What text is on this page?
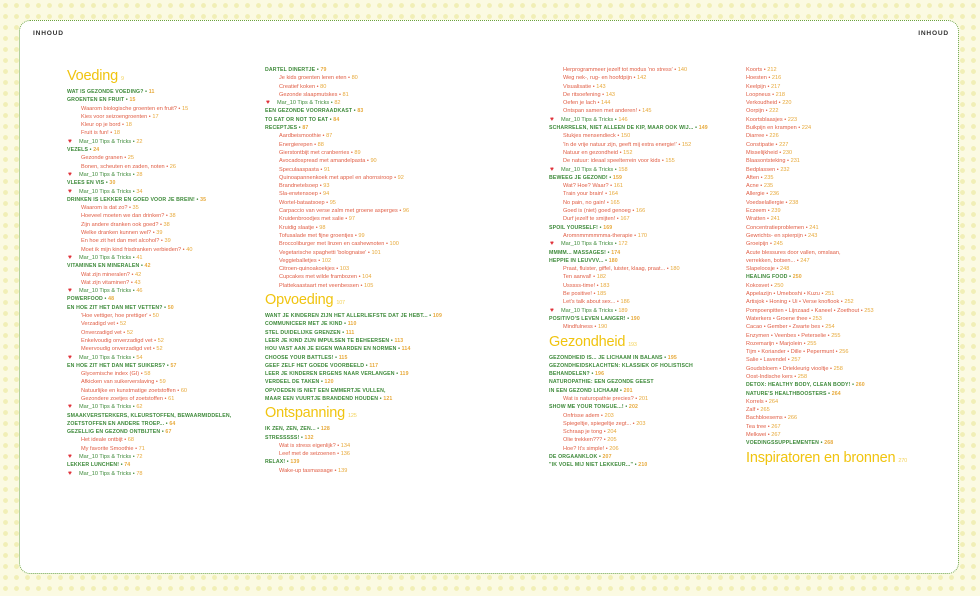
INHOUD	INHOUD
Voeding 9
WAT IS GEZONDE VOEDING? • 11
GROENTEN EN FRUIT • 15
Waarom biologische groenten en fruit? • 15
Kies voor seizoengroenten • 17
Kleur op je bord • 18
Fruit is fun! • 18
♥ Mar_10 Tips & Tricks • 22
VEZELS • 24
Gezonde granen • 25
Bonen, scheuten en zaden, noten • 26
♥ Mar_10 Tips & Tricks • 28
VLEES EN VIS • 30
♥ Mar_10 Tips & Tricks • 34
DRINKEN IS LEKKER EN GOED VOOR JE BREIN! • 35
Waarom is dat zo? • 35
Hoeveel moeten we dan drinken? • 38
Zijn andere dranken ook goed? • 38
Welke dranken kunnen wel? • 39
En hoe zit het dan met alcohol? • 39
Moet ik mijn kind frisdranken verbieden? • 40
♥ Mar_10 Tips & Tricks • 41
VITAMINEN EN MINERALEN • 42
Wat zijn mineralen? • 42
Wat zijn vitaminen? • 43
♥ Mar_10 Tips & Tricks • 46
POWERFOOD • 48
EN HOE ZIT HET DAN MET VETTEN? • 50
'Hoe vettiger, hoe prettiger' • 50
Verzadigd vet • 52
Onverzadigd vet • 52
Enkelvoudig onverzadigd vet • 52
Meervoudig onverzadigd vet • 52
♥ Mar_10 Tips & Tricks • 54
EN HOE ZIT HET DAN MET SUIKERS? • 57
Glycemische index (GI) • 58
Afkicken van suikerverslaving • 59
Natuurlijke en kunstmatige zoetstoffen • 60
Gezondere zoetjes of zoetstoffen • 61
♥ Mar_10 Tips & Tricks • 62
SMAAKVERSTERKERS, KLEURSTOFFEN, BEWAARMIDDELEN,
ZOETSTOFFEN EN ANDERE TROEP... • 64
GEZELLIG EN GEZOND ONTBIJTEN • 67
Het ideale ontbijt • 68
My favorite Smoothie • 71
♥ Mar_10 Tips & Tricks • 72
LEKKER LUNCHEN! • 74
♥ Mar_10 Tips & Tricks • 78
DARTEL DINERTJE • 79
Je kids groenten leren eten • 80
Creatief koken • 80
Gezonde slaapmutskes • 81
♥ Mar_10 Tips & Tricks • 82
EEN GEZONDE VOORRAADKAST • 83
TO EAT OR NOT TO EAT • 84
RECEPTJES • 87
Aardbeismoothie • 87
Energierepen • 88
Gierstontbijt met cranberries • 89
Avocadospread met amandelpasta • 90
Speculaaspasta • 91
Quinoapannenkoek met appel en ahornsiroop • 92
Brandnetelsoep • 93
Sla-erwtensoep • 94
Wortel-bataatsoep • 95
Carpaccio van verse zalm met groene asperges • 96
Kruidenbroodjes met salie • 97
Kruidig slaatje • 98
Tofusalade met fijne groentjes • 99
Broccoliburger met linzen en cashewnoten • 100
Vegetarische spaghetti 'bolognaise' • 101
Veggieballetjes • 102
Citroen-quinoakoekjes • 103
Cupcakes met wilde frambozen • 104
Plattekaastaart met veenbessen • 105
Opvoeding 107
WANT JE KINDEREN ZIJN HET ALLERLIEFSTE DAT JE HEBT... • 109
COMMUNICEER MET JE KIND • 110
STEL DUIDELIJKE GRENZEN • 111
LEER JE KIND ZIJN IMPULSEN TE BEHEERSEN • 113
HOU VAST AAN JE EIGEN WAARDEN EN NORMEN • 114
CHOOSE YOUR BATTLES! • 115
GEEF ZELF HET GOEDE VOORBEELD • 117
LEER JE KINDEREN ERGENS NAAR VERLANGEN • 119
VERDEEL DE TAKEN • 120
OPVOEDEN IS NIET EEN EMMERTJE VULLEN,
MAAR EEN VUURTJE BRANDEND HOUDEN • 121
Ontspanning 125
IK ZEN, ZEN, ZEN... • 128
STRESSSSS! • 132
Wat is stress eigenlijk? • 134
Leef met de seizoenen • 136
RELAX! • 139
Wake-up tasmassage • 139
Herprogrammeer jezelf tot modus 'no stress' • 140
Weg nek-, rug- en hoofdpijn • 142
Visualisatie • 143
De ritsoefening • 143
Oefen je lach • 144
Ontspan samen met anderen! • 145
♥ Mar_10 Tips & Tricks • 146
SCHARRELEN, NIET ALLEEN DE KIP, MAAR OOK WIJ... • 149
Stukjes mensendieck • 150
'In de vrije natuur zijn, geeft mij extra energie!' • 152
Natuur en gezondheid • 152
De natuur: ideaal speelterrein voor kids • 155
♥ Mar_10 Tips & Tricks • 158
BEWEEG JE GEZOND! • 159
Wat? Hoe? Waar? • 161
Train your brain! • 164
No pain, no gain! • 165
Goed is (niet) goed genoeg • 166
Durf jezelf te smijten! • 167
SPOIL YOURSELF! • 169
Aromnmmmmmma-therapie • 170
♥ Mar_10 Tips & Tricks • 172
MMMM... MASSAGES! • 174
HEPPIE IN LEUVVV... • 180
Praat, fluister, giffel, luister, klaag, praat... • 180
Ten aanval! • 182
Usssss-time! • 183
Be positive! • 185
Let's talk about sex... • 186
♥ Mar_10 Tips & Tricks • 189
POSITIVO'S LEVEN LANGER! • 190
Mindfulness • 190
Gezondheid 193
GEZONDHEID IS... JE LICHAAM IN BALANS • 195
GEZONDHEIDSKLACHTEN: KLASSIEK OF HOLISTISCH
BEHANDELEN? • 196
NATUROPATHIE: EEN GEZONDE GEEST
IN EEN GEZOND LICHAAM • 201
Wat is naturopathie precies? • 201
SHOW ME YOUR TONGUE...! • 202
Onfrisse adem • 203
Spiegeltje, spiegeltje zegt... • 203
Schraap je tong • 204
Olie trekken??? • 205
Hoe? It's simple! • 206
DE ORGAANKLOK • 207
"IK VOEL MIJ NIET LEKKEUR..." • 210
Koorts • 212
Hoesten • 216
Keelpijn • 217
Loopneus • 218
Verkoudheid • 220
Oorpijn • 222
Koortsblaasjes • 223
Buikpijn en krampen • 224
Diarree • 226
Constipatie • 227
Misselijkheid • 230
Blaasontsteking • 231
Bedplassen • 232
Aften • 235
Acne • 235
Allergie • 236
Voedselallergie • 238
Eczeem • 239
Wratten • 241
Concentratieproblemen • 241
Gewrichts- en spierpijn • 243
Groeipijn • 245
Acute blessures door vallen, omslaan,
verrekken, botsen... • 247
Slapeloosje • 248
HEALING FOOD • 250
Kokosvet • 250
Appelazijn • Umeboshi • Kuzu • 251
Artisjok • Honing • Ui • Verse knoflook • 252
Pompoenpitten • Lijnzaad • Kaneel • Zoethout • 253
Waterkers • Groene thee • 253
Cacao • Gember • Zwarte bes • 254
Enzymen • Veenbes • Peterselie • 255
Rozemarijn • Marjolein • 255
Tijm • Koriander • Dille • Pepermunt • 256
Salie • Lavendel • 257
Goudsbloem • Driekleurig viooltje • 258
Oost-Indische kers • 258
DETOX: HEALTHY BODY, CLEAN BODY! • 260
NATURE'S HEALTHBOOSTERS • 264
Korrels • 264
Zalf • 265
Bachbloesems • 266
Tea tree • 267
Melkwei • 267
VOEDINGSSUPPLEMENTEN • 268
Inspiratoren en bronnen 270
